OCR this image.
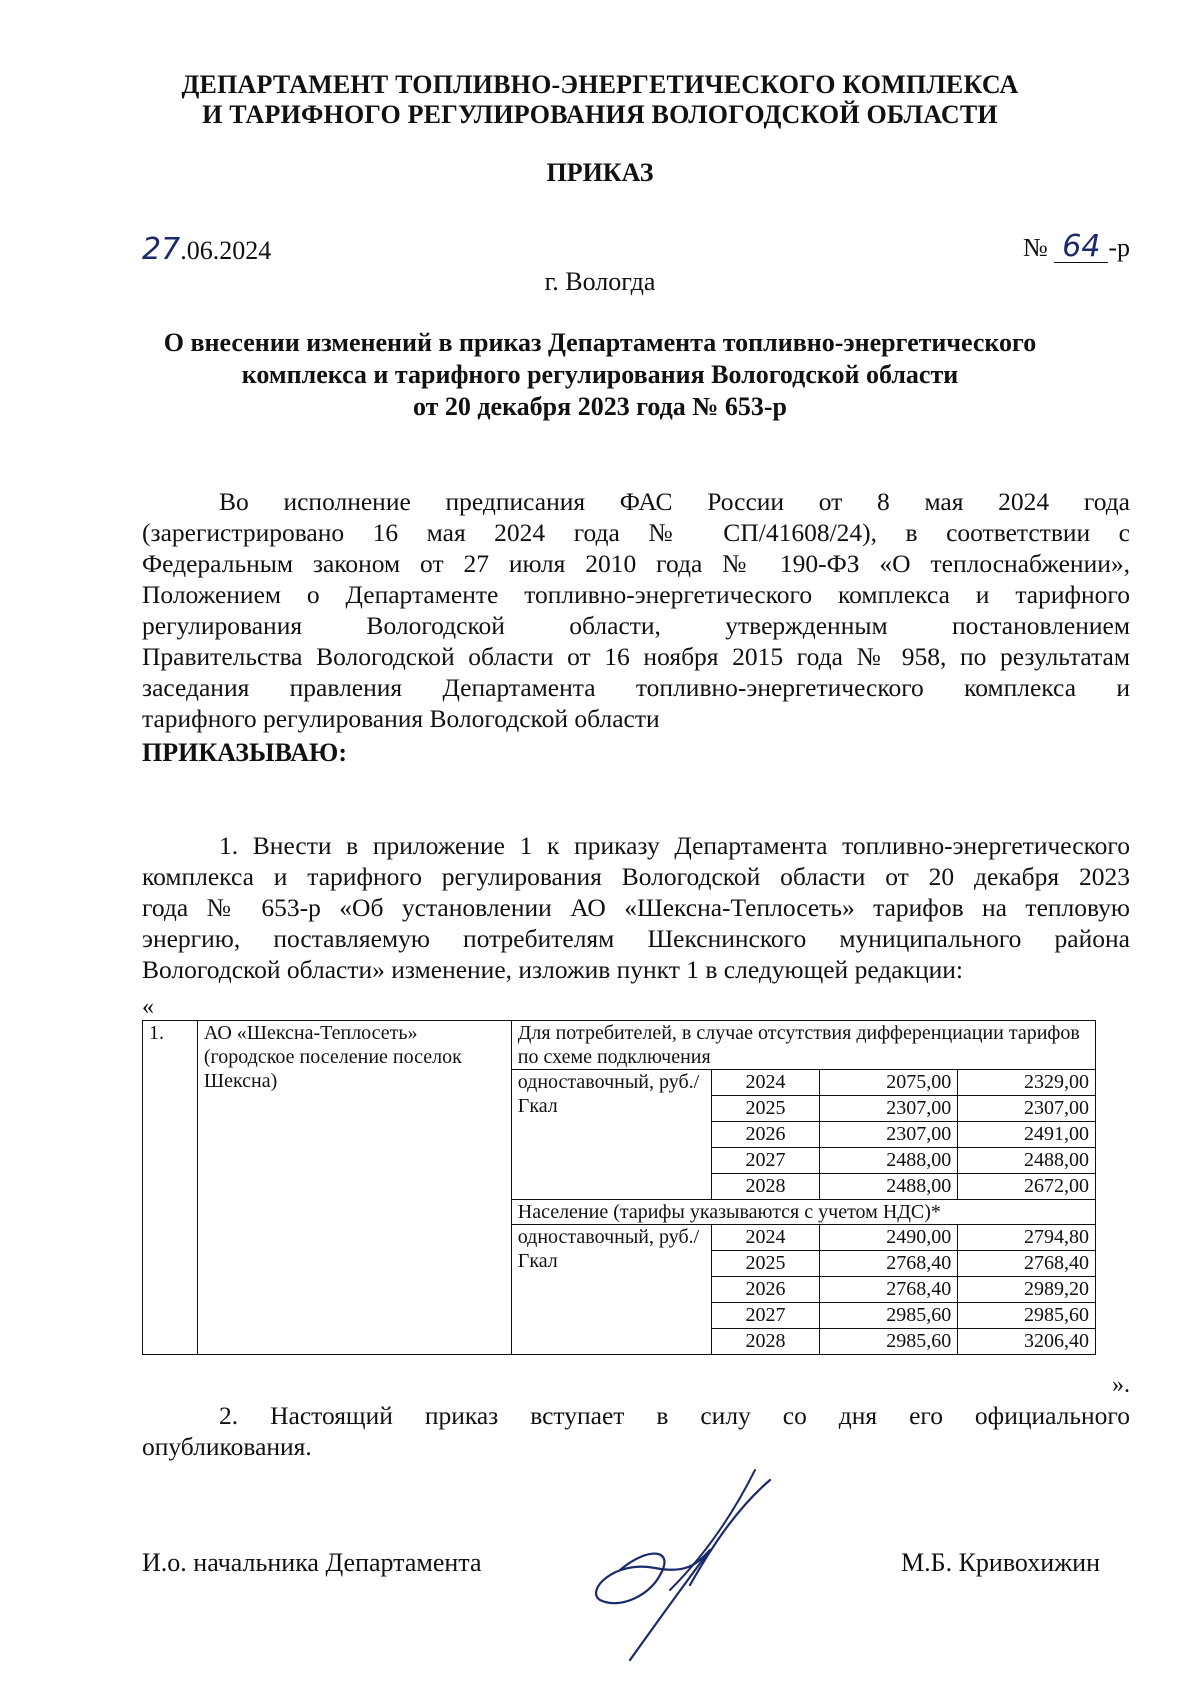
ДЕПАРТАМЕНТ ТОПЛИВНО-ЭНЕРГЕТИЧЕСКОГО КОМПЛЕКСА
И ТАРИФНОГО РЕГУЛИРОВАНИЯ ВОЛОГОДСКОЙ ОБЛАСТИ
ПРИКАЗ
27.06.2024	№ 64 -р
г. Вологда
О внесении изменений в приказ Департамента топливно-энергетического
комплекса и тарифного регулирования Вологодской области
от 20 декабря 2023 года № 653-р
Во исполнение предписания ФАС России от 8 мая 2024 года
(зарегистрировано 16 мая 2024 года № СП/41608/24), в соответствии с
Федеральным законом от 27 июля 2010 года № 190-ФЗ «О теплоснабжении»,
Положением о Департаменте топливно-энергетического комплекса и тарифного
регулирования Вологодской области, утвержденным постановлением
Правительства Вологодской области от 16 ноября 2015 года № 958, по результатам
заседания правления Департамента топливно-энергетического комплекса и
тарифного регулирования Вологодской области
ПРИКАЗЫВАЮ:
1. Внести в приложение 1 к приказу Департамента топливно-энергетического
комплекса и тарифного регулирования Вологодской области от 20 декабря 2023
года № 653-р «Об установлении АО «Шексна-Теплосеть» тарифов на тепловую
энергию, поставляемую потребителям Шекснинского муниципального района
Вологодской области» изменение, изложив пункт 1 в следующей редакции:
«
1.	АО «Шексна-Теплосеть» (городское поселение поселок Шексна)	Для потребителей, в случае отсутствия дифференциации тарифов по схеме подключения			
		одноставочный, руб./Гкал	2024	2075,00	2329,00
			2025	2307,00	2307,00
			2026	2307,00	2491,00
			2027	2488,00	2488,00
			2028	2488,00	2672,00
		Население (тарифы указываются с учетом НДС)*			
		одноставочный, руб./Гкал	2024	2490,00	2794,80
			2025	2768,40	2768,40
			2026	2768,40	2989,20
			2027	2985,60	2985,60
			2028	2985,60	3206,40
».
2. Настоящий приказ вступает в силу со дня его официального
опубликования.
И.о. начальника Департамента	М.Б. Кривохижин
